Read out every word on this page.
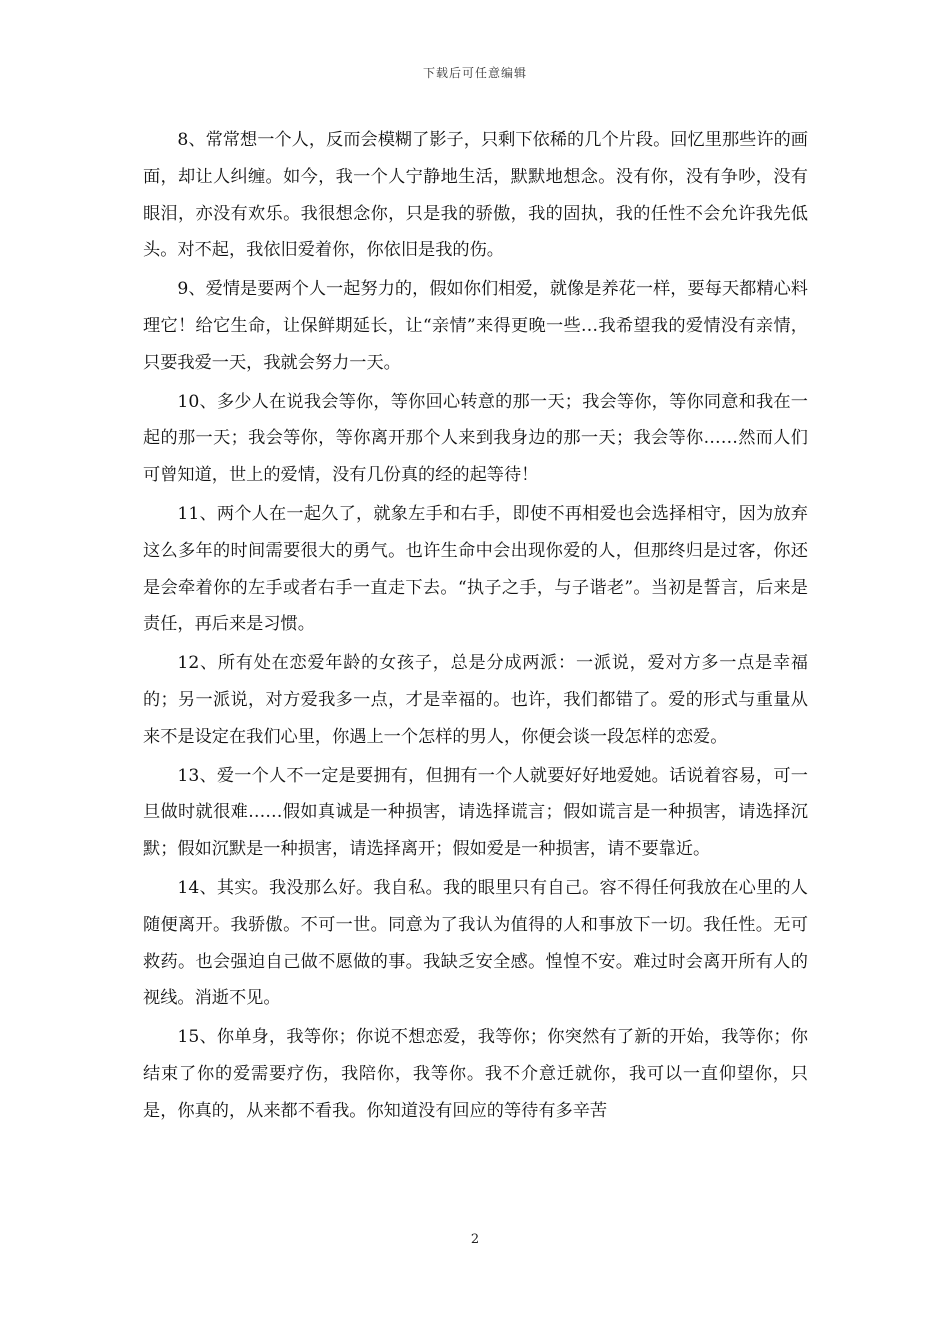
下载后可任意编辑

8、常常想一个人，反而会模糊了影子，只剩下依稀的几个片段。回忆里那些许的画面，却让人纠缠。如今，我一个人宁静地生活，默默地想念。没有你，没有争吵，没有眼泪，亦没有欢乐。我很想念你，只是我的骄傲，我的固执，我的任性不会允许我先低头。对不起，我依旧爱着你，你依旧是我的伤。

9、爱情是要两个人一起努力的，假如你们相爱，就像是养花一样，要每天都精心料理它！给它生命，让保鲜期延长，让“亲情”来得更晚一些…我希望我的爱情没有亲情，只要我爱一天，我就会努力一天。

10、多少人在说我会等你，等你回心转意的那一天；我会等你，等你同意和我在一起的那一天；我会等你，等你离开那个人来到我身边的那一天；我会等你……然而人们可曾知道，世上的爱情，没有几份真的经的起等待！

11、两个人在一起久了，就象左手和右手，即使不再相爱也会选择相守，因为放弃这么多年的时间需要很大的勇气。也许生命中会出现你爱的人，但那终归是过客，你还是会牵着你的左手或者右手一直走下去。“执子之手，与子谐老”。当初是誓言，后来是责任，再后来是习惯。

12、所有处在恋爱年龄的女孩子，总是分成两派：一派说，爱对方多一点是幸福的；另一派说，对方爱我多一点，才是幸福的。也许，我们都错了。爱的形式与重量从来不是设定在我们心里，你遇上一个怎样的男人，你便会谈一段怎样的恋爱。

13、爱一个人不一定是要拥有，但拥有一个人就要好好地爱她。话说着容易，可一旦做时就很难……假如真诚是一种损害，请选择谎言；假如谎言是一种损害，请选择沉默；假如沉默是一种损害，请选择离开；假如爱是一种损害，请不要靠近。

14、其实。我没那么好。我自私。我的眼里只有自己。容不得任何我放在心里的人随便离开。我骄傲。不可一世。同意为了我认为值得的人和事放下一切。我任性。无可救药。也会强迫自己做不愿做的事。我缺乏安全感。惶惶不安。难过时会离开所有人的视线。消逝不见。

15、你单身，我等你；你说不想恋爱，我等你；你突然有了新的开始，我等你；你结束了你的爱需要疗伤，我陪你，我等你。我不介意迁就你，我可以一直仰望你，只是，你真的，从来都不看我。你知道没有回应的等待有多辛苦

2
